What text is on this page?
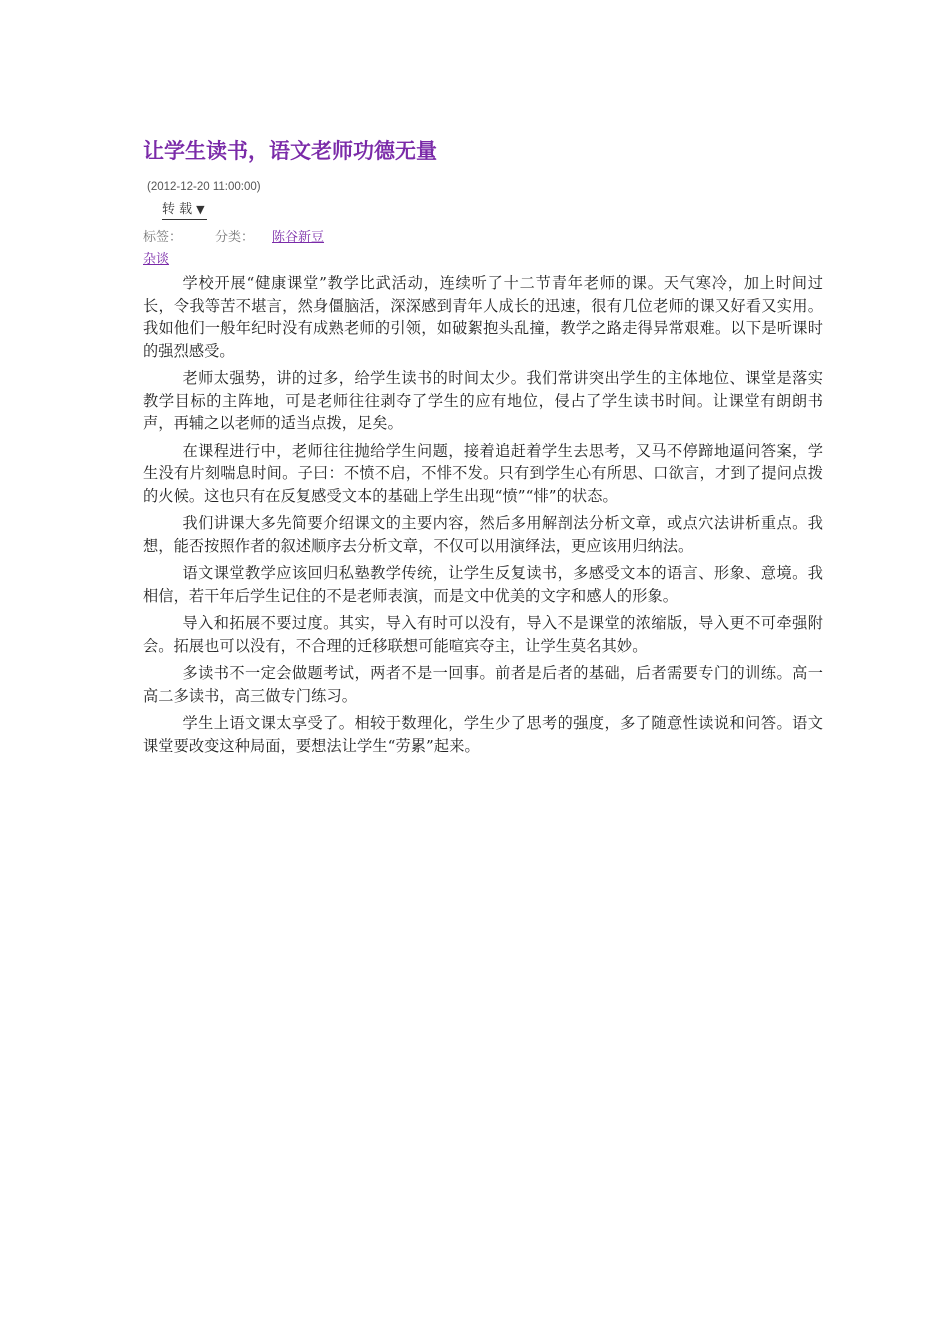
让学生读书，语文老师功德无量
(2012-12-20 11:00:00)
转 载 ▼
标签：	分类： 陈谷新豆
杂谈

学校开展“健康课堂”教学比武活动，连续听了十二节青年老师的课。天气寒冷，加上时间过长，令我等苦不堪言，然身僵脑活，深深感到青年人成长的迅速，很有几位老师的课又好看又实用。我如他们一般年纪时没有成熟老师的引领，如破絮抱头乱撞，教学之路走得异常艰难。以下是听课时的强烈感受。

老师太强势，讲的过多，给学生读书的时间太少。我们常讲突出学生的主体地位、课堂是落实教学目标的主阵地，可是老师往往剥夺了学生的应有地位，侵占了学生读书时间。让课堂有朗朗书声，再辅之以老师的适当点拨，足矣。

在课程进行中，老师往往抛给学生问题，接着追赶着学生去思考，又马不停蹄地逼问答案，学生没有片刻喘息时间。子曰：不愤不启，不悱不发。只有到学生心有所思、口欲言，才到了提问点拨的火候。这也只有在反复感受文本的基础上学生出现“愤”“悱”的状态。

我们讲课大多先简要介绍课文的主要内容，然后多用解剖法分析文章，或点穴法讲析重点。我想，能否按照作者的叙述顺序去分析文章，不仅可以用演绎法，更应该用归纳法。

语文课堂教学应该回归私塾教学传统，让学生反复读书，多感受文本的语言、形象、意境。我相信，若干年后学生记住的不是老师表演，而是文中优美的文字和感人的形象。

导入和拓展不要过度。其实，导入有时可以没有，导入不是课堂的浓缩版，导入更不可牵强附会。拓展也可以没有，不合理的迁移联想可能喧宾夺主，让学生莫名其妙。

多读书不一定会做题考试，两者不是一回事。前者是后者的基础，后者需要专门的训练。高一高二多读书，高三做专门练习。

学生上语文课太享受了。相较于数理化，学生少了思考的强度，多了随意性读说和问答。语文课堂要改变这种局面，要想法让学生“劳累”起来。
